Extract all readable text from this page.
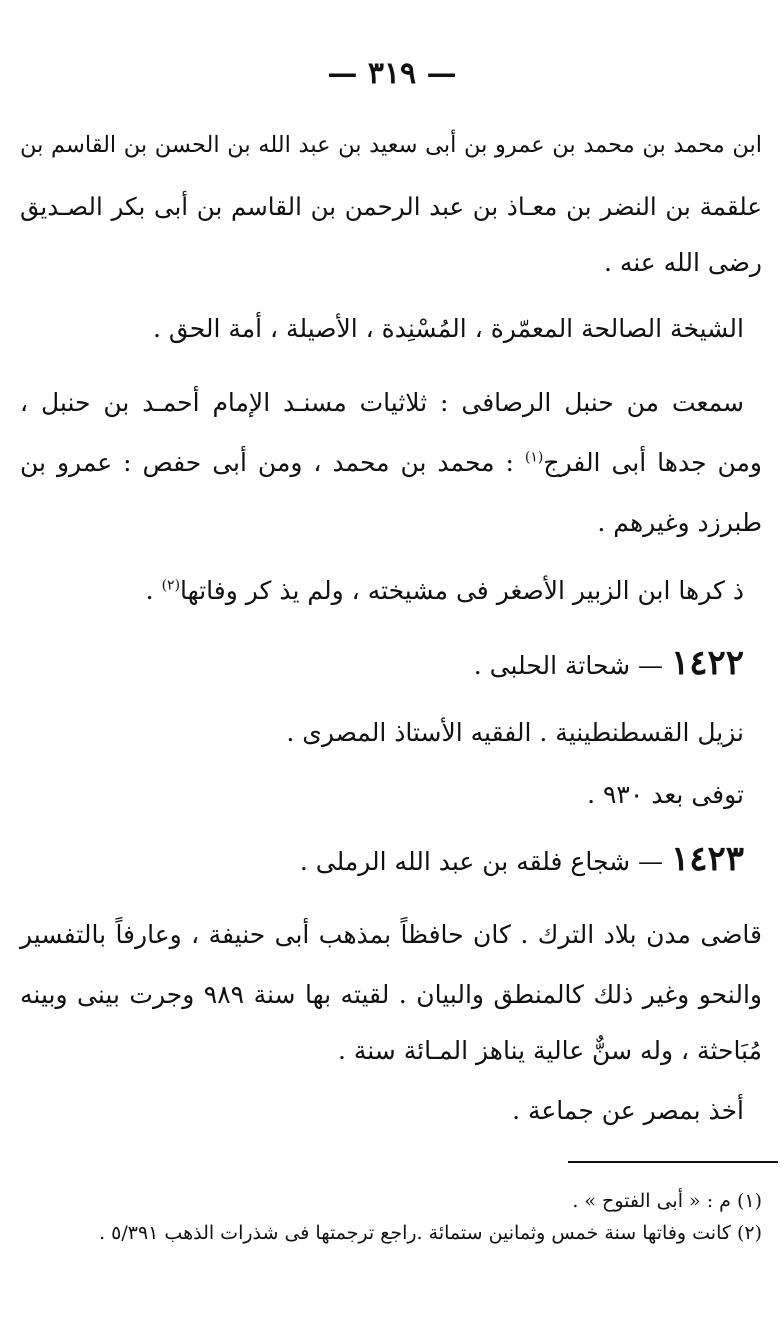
— ٣١٩ —
ابن محمد بن محمد بن عمرو بن أبى سعيد بن عبد الله بن الحسن بن القاسم بن
علقمة بن النضر بن معـاذ بن عبد الرحمن بن القاسم بن أبى بكر الصـديق
رضى الله عنه .
الشيخة الصالحة المعمّرة ، المُسْنِدة ، الأصيلة ، أمة الحق .
سمعت من حنبل الرصافى : ثلاثيات مسنـد الإمام أحمـد بن حنبل ،
ومن جدها أبى الفرج$^{(١)}$ : محمد بن محمد ، ومن أبى حفص : عمرو بن
طبرزد وغيرهم .
ذ كرها ابن الزبير الأصغر فى مشيخته ، ولم يذ كر وفاتها$^{(٢)}$ .
١٤٢٢ — شحاتة الحلبى .
نزيل القسطنطينية . الفقيه الأستاذ المصرى .
توفى بعد ٩٣٠ .
١٤٢٣ — شجاع فلقه بن عبد الله الرملى .
قاضى مدن بلاد الترك . كان حافظاً بمذهب أبى حنيفة ، وعارفاً بالتفسير
والنحو وغير ذلك كالمنطق والبيان . لقيته بها سنة ٩٨٩ وجرت بينى وبينه
مُبَاحثة ، وله سنٌّ عالية يناهز المـائة سنة .
أخذ بمصر عن جماعة .
(١) م : « أبى الفتوح » .
(٢) كانت وفاتها سنة خمس وثمانين ستمائة .راجع ترجمتها فى شذرات الذهب ٥/٣٩١ .
